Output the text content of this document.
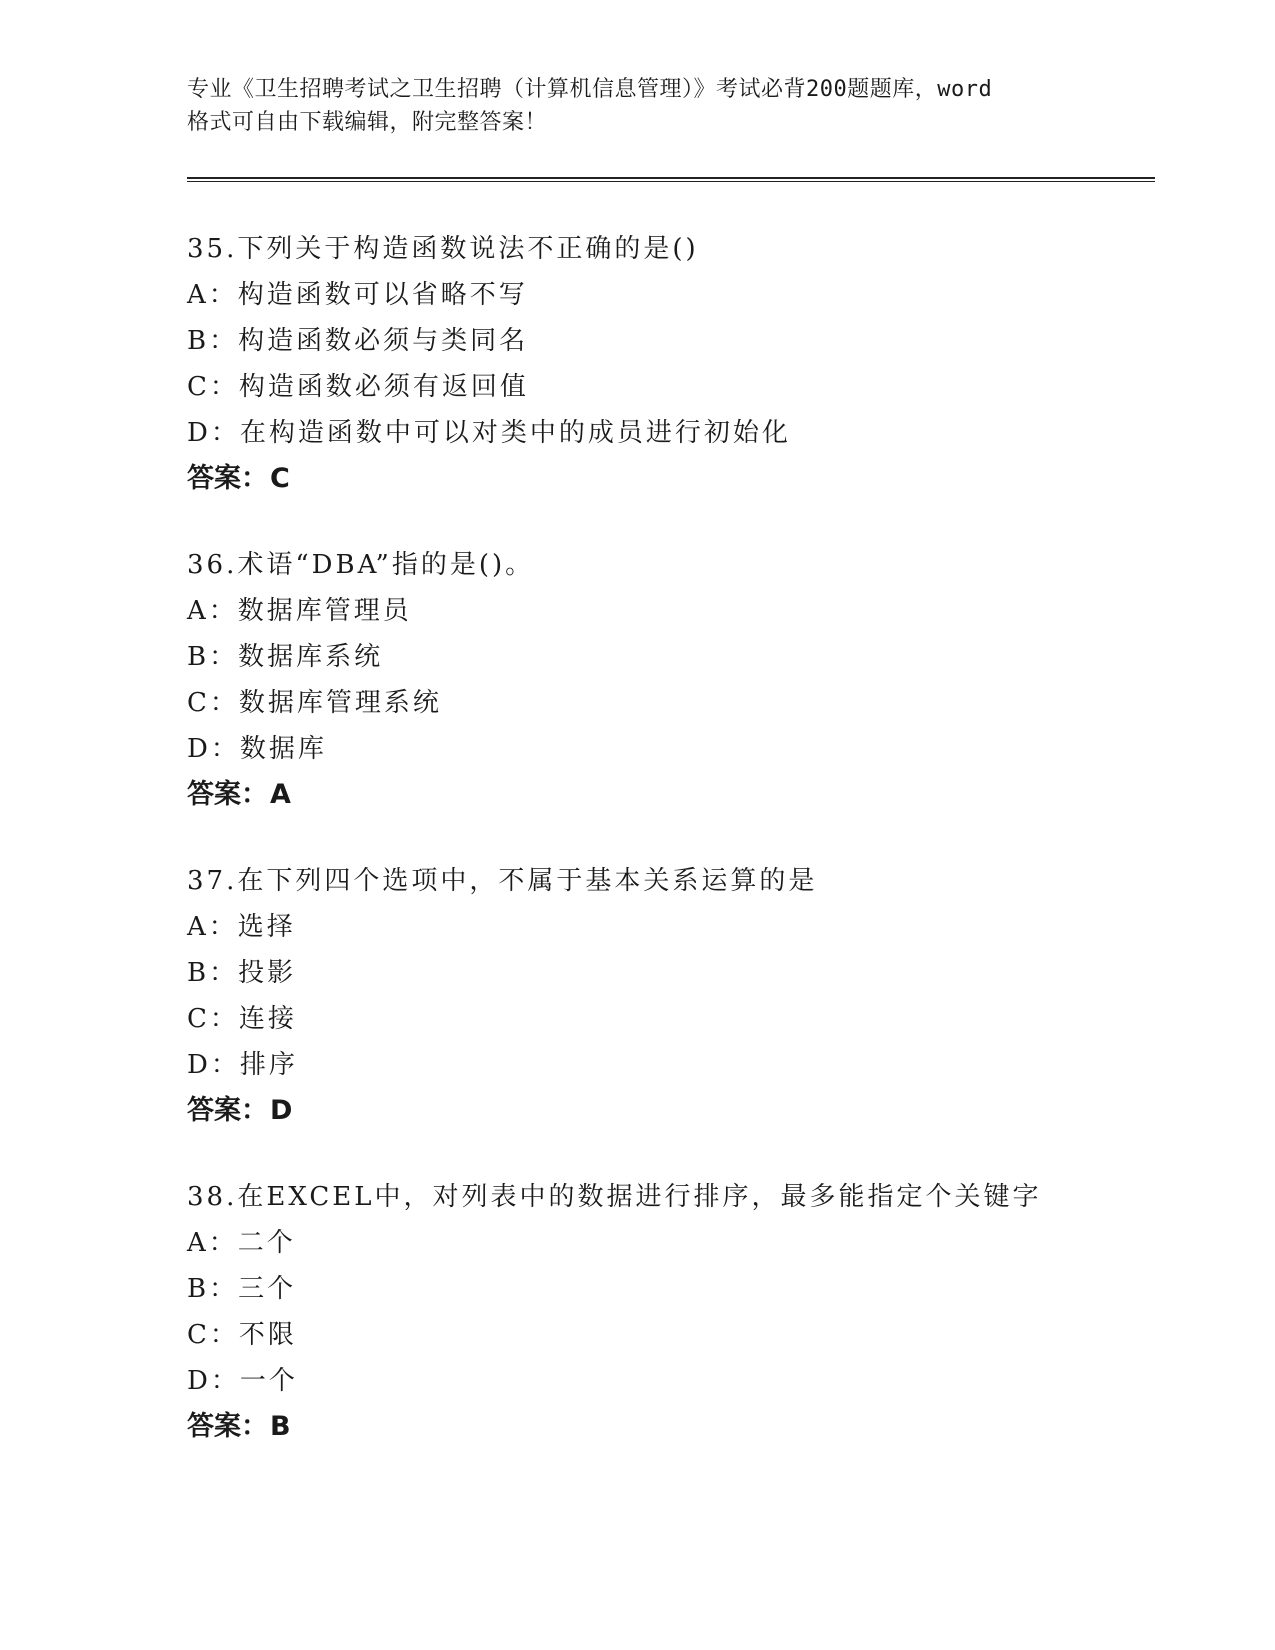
专业《卫生招聘考试之卫生招聘（计算机信息管理）》考试必背200题题库，word
格式可自由下载编辑，附完整答案！
35.下列关于构造函数说法不正确的是()
A：构造函数可以省略不写
B：构造函数必须与类同名
C：构造函数必须有返回值
D：在构造函数中可以对类中的成员进行初始化
答案：C
36.术语“DBA”指的是()。
A：数据库管理员
B：数据库系统
C：数据库管理系统
D：数据库
答案：A
37.在下列四个选项中，不属于基本关系运算的是
A：选择
B：投影
C：连接
D：排序
答案：D
38.在EXCEL中，对列表中的数据进行排序，最多能指定个关键字
A：二个
B：三个
C：不限
D：一个
答案：B
